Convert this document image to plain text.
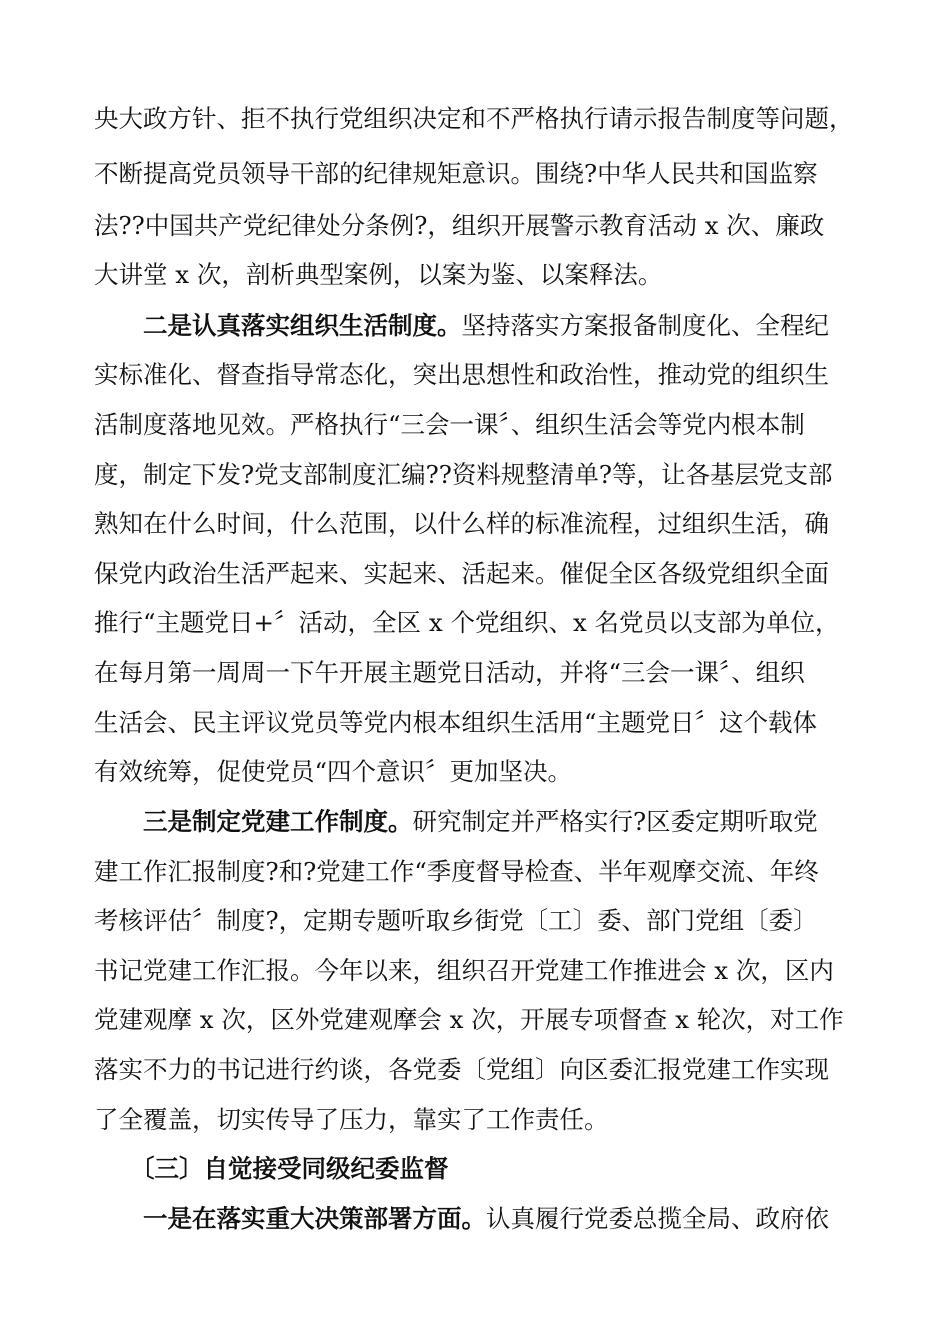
央大政方针、拒不执行党组织决定和不严格执行请示报告制度等问题，
不断提高党员领导干部的纪律规矩意识。围绕?中华人民共和国监察
法??中国共产党纪律处分条例?，组织开展警示教育活动 x 次、廉政
大讲堂 x 次，剖析典型案例，以案为鉴、以案释法。
二是认真落实组织生活制度。坚持落实方案报备制度化、全程纪
实标准化、督查指导常态化，突出思想性和政治性，推动党的组织生
活制度落地见效。严格执行“三会一课〞、组织生活会等党内根本制
度，制定下发?党支部制度汇编??资料规整清单?等，让各基层党支部
熟知在什么时间，什么范围，以什么样的标准流程，过组织生活，确
保党内政治生活严起来、实起来、活起来。催促全区各级党组织全面
推行“主题党日+〞活动，全区 x 个党组织、x 名党员以支部为单位，
在每月第一周周一下午开展主题党日活动，并将“三会一课〞、组织
生活会、民主评议党员等党内根本组织生活用“主题党日〞这个载体
有效统筹，促使党员“四个意识〞更加坚决。
三是制定党建工作制度。研究制定并严格实行?区委定期听取党
建工作汇报制度?和?党建工作“季度督导检查、半年观摩交流、年终
考核评估〞制度?，定期专题听取乡街党〔工〕委、部门党组〔委〕
书记党建工作汇报。今年以来，组织召开党建工作推进会 x 次，区内
党建观摩 x 次，区外党建观摩会 x 次，开展专项督查 x 轮次，对工作
落实不力的书记进行约谈，各党委〔党组〕向区委汇报党建工作实现
了全覆盖，切实传导了压力，靠实了工作责任。
〔三〕自觉接受同级纪委监督
一是在落实重大决策部署方面。认真履行党委总揽全局、政府依
